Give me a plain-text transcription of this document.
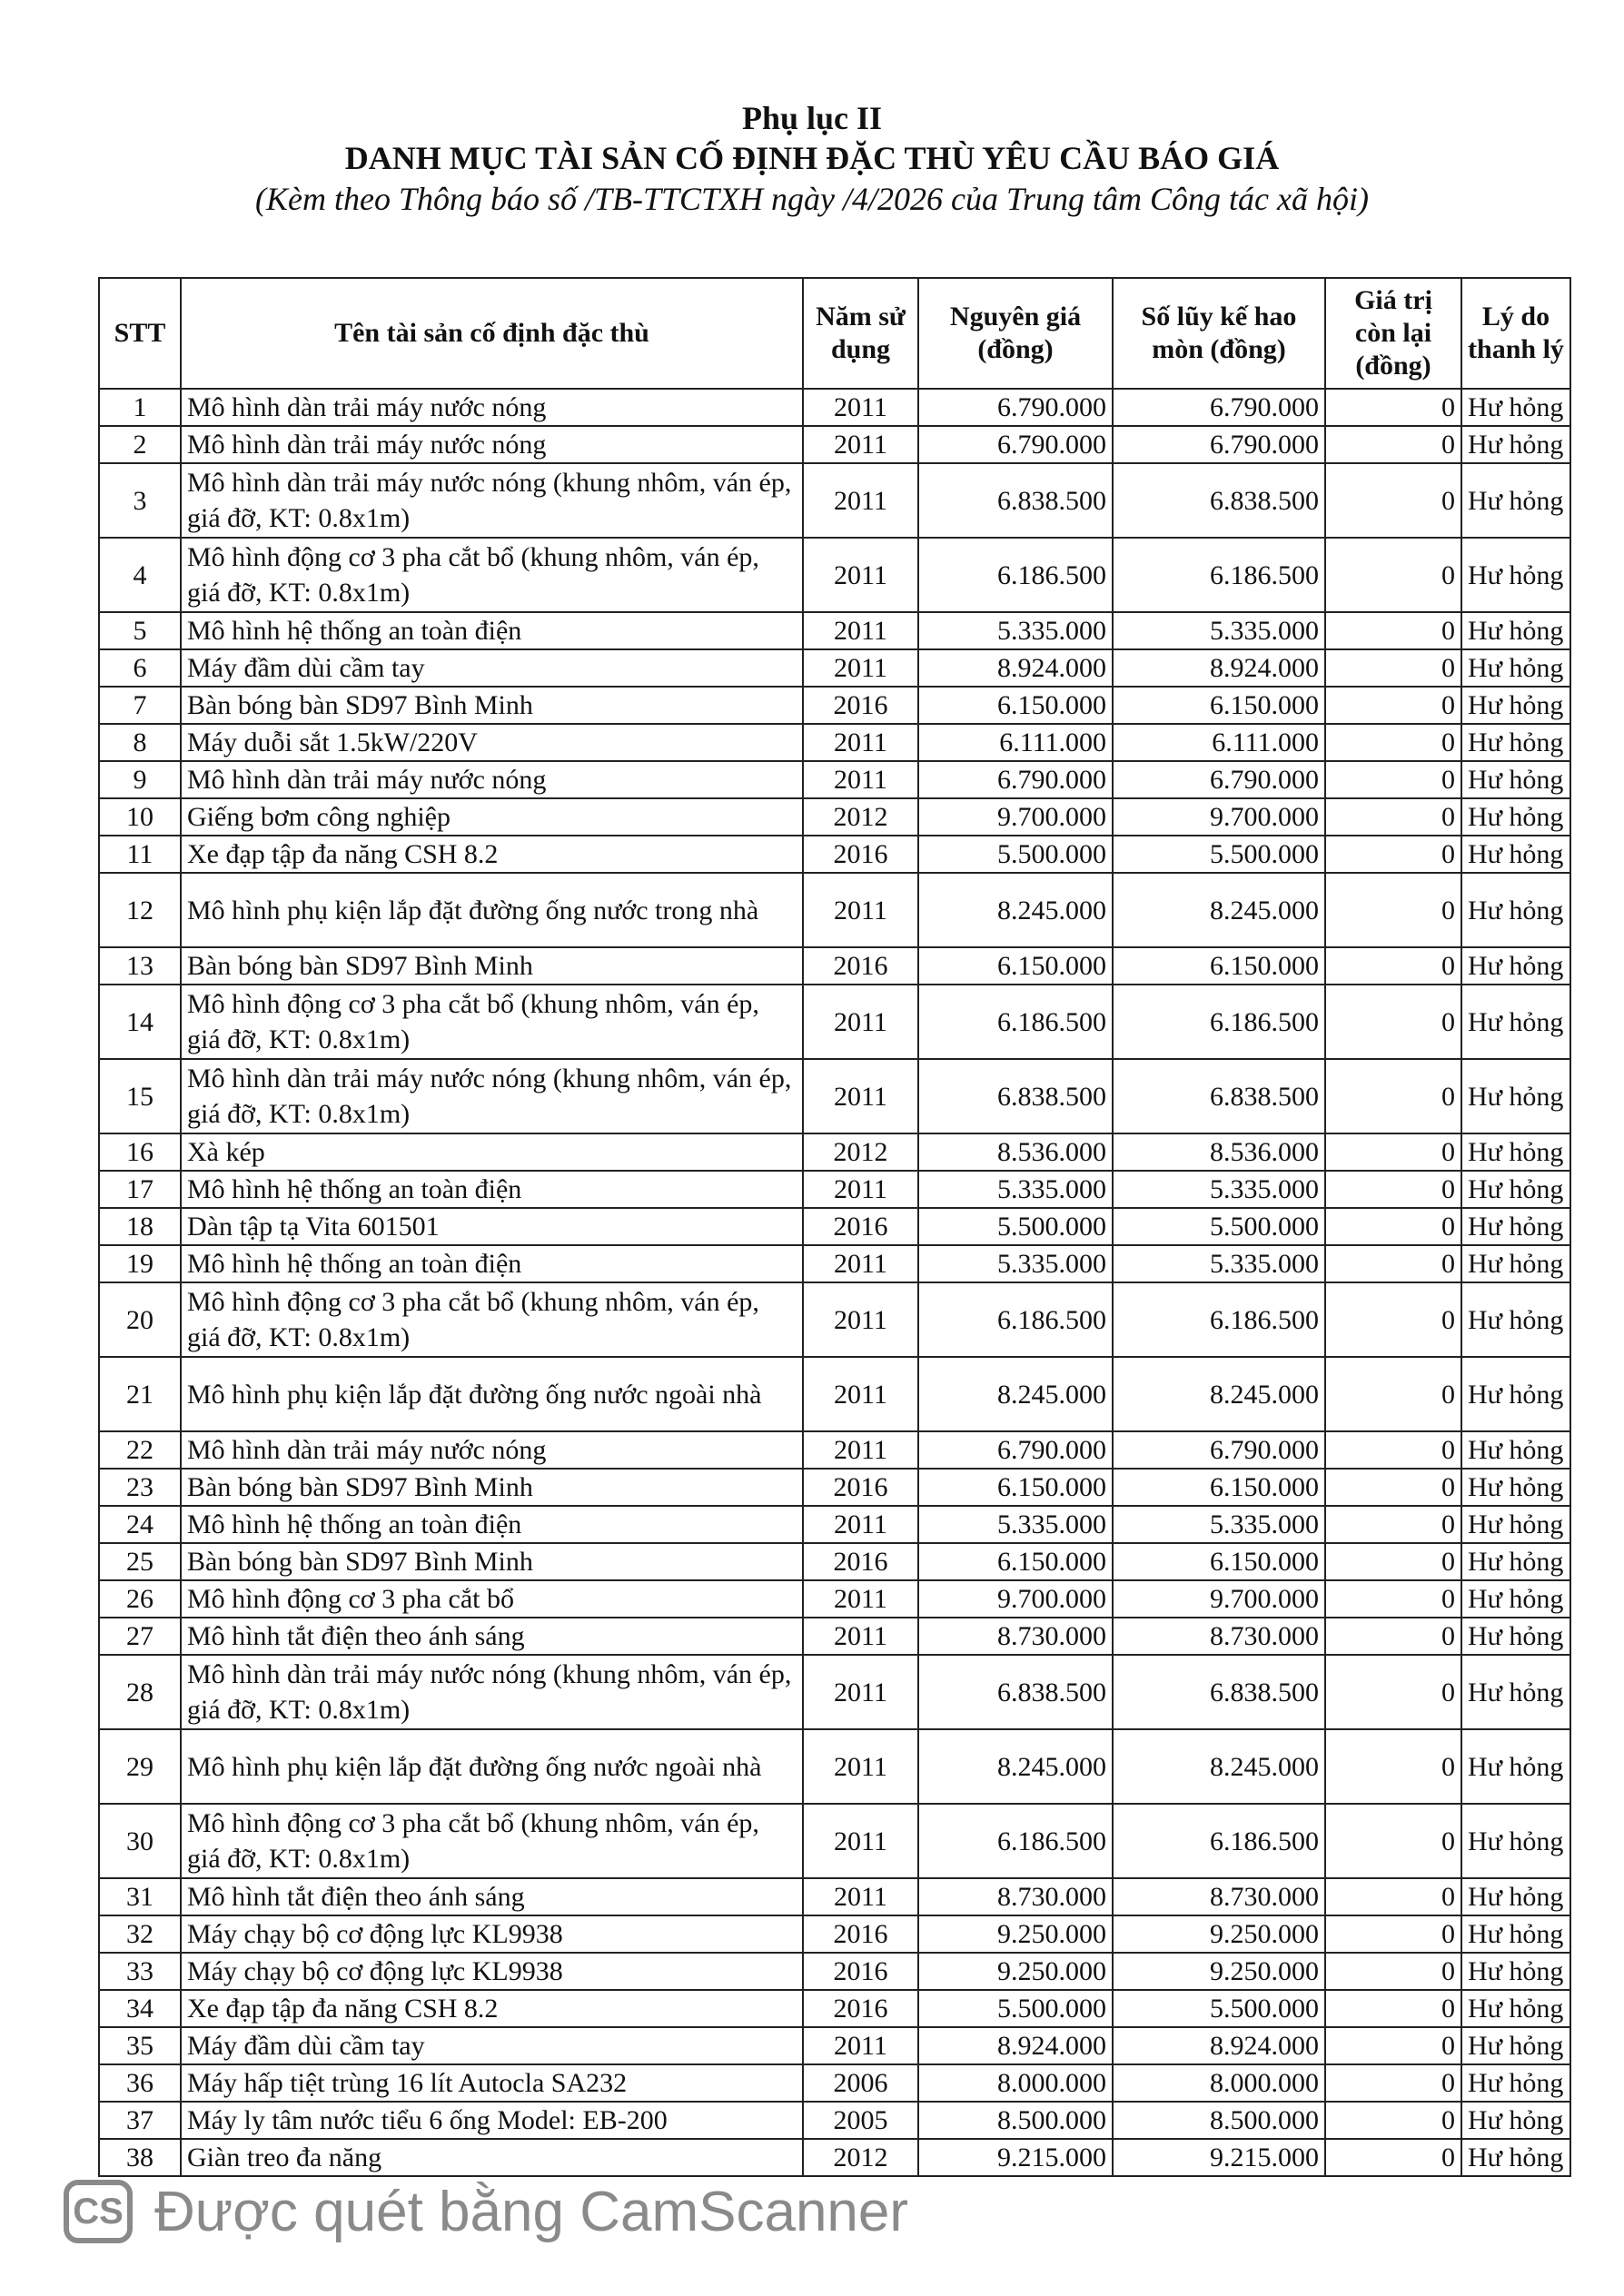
Phụ lục II
DANH MỤC TÀI SẢN CỐ ĐỊNH ĐẶC THÙ YÊU CẦU BÁO GIÁ
(Kèm theo Thông báo số /TB-TTCTXH ngày /4/2026 của Trung tâm Công tác xã hội)
STT	Tên tài sản cố định đặc thù	Năm sử dụng	Nguyên giá (đồng)	Số lũy kế hao mòn (đồng)	Giá trị còn lại (đồng)	Lý do thanh lý
1	Mô hình dàn trải máy nước nóng	2011	6.790.000	6.790.000	0	Hư hỏng
2	Mô hình dàn trải máy nước nóng	2011	6.790.000	6.790.000	0	Hư hỏng
3	Mô hình dàn trải máy nước nóng (khung nhôm, ván ép, giá đỡ, KT: 0.8x1m)	2011	6.838.500	6.838.500	0	Hư hỏng
4	Mô hình động cơ 3 pha cắt bổ (khung nhôm, ván ép, giá đỡ, KT: 0.8x1m)	2011	6.186.500	6.186.500	0	Hư hỏng
5	Mô hình hệ thống an toàn điện	2011	5.335.000	5.335.000	0	Hư hỏng
6	Máy đầm dùi cầm tay	2011	8.924.000	8.924.000	0	Hư hỏng
7	Bàn bóng bàn SD97 Bình Minh	2016	6.150.000	6.150.000	0	Hư hỏng
8	Máy duỗi sắt 1.5kW/220V	2011	6.111.000	6.111.000	0	Hư hỏng
9	Mô hình dàn trải máy nước nóng	2011	6.790.000	6.790.000	0	Hư hỏng
10	Giếng bơm công nghiệp	2012	9.700.000	9.700.000	0	Hư hỏng
11	Xe đạp tập đa năng CSH 8.2	2016	5.500.000	5.500.000	0	Hư hỏng
12	Mô hình phụ kiện lắp đặt đường ống nước trong nhà	2011	8.245.000	8.245.000	0	Hư hỏng
13	Bàn bóng bàn SD97 Bình Minh	2016	6.150.000	6.150.000	0	Hư hỏng
14	Mô hình động cơ 3 pha cắt bổ (khung nhôm, ván ép, giá đỡ, KT: 0.8x1m)	2011	6.186.500	6.186.500	0	Hư hỏng
15	Mô hình dàn trải máy nước nóng (khung nhôm, ván ép, giá đỡ, KT: 0.8x1m)	2011	6.838.500	6.838.500	0	Hư hỏng
16	Xà kép	2012	8.536.000	8.536.000	0	Hư hỏng
17	Mô hình hệ thống an toàn điện	2011	5.335.000	5.335.000	0	Hư hỏng
18	Dàn tập tạ Vita 601501	2016	5.500.000	5.500.000	0	Hư hỏng
19	Mô hình hệ thống an toàn điện	2011	5.335.000	5.335.000	0	Hư hỏng
20	Mô hình động cơ 3 pha cắt bổ (khung nhôm, ván ép, giá đỡ, KT: 0.8x1m)	2011	6.186.500	6.186.500	0	Hư hỏng
21	Mô hình phụ kiện lắp đặt đường ống nước ngoài nhà	2011	8.245.000	8.245.000	0	Hư hỏng
22	Mô hình dàn trải máy nước nóng	2011	6.790.000	6.790.000	0	Hư hỏng
23	Bàn bóng bàn SD97 Bình Minh	2016	6.150.000	6.150.000	0	Hư hỏng
24	Mô hình hệ thống an toàn điện	2011	5.335.000	5.335.000	0	Hư hỏng
25	Bàn bóng bàn SD97 Bình Minh	2016	6.150.000	6.150.000	0	Hư hỏng
26	Mô hình động cơ 3 pha cắt bổ	2011	9.700.000	9.700.000	0	Hư hỏng
27	Mô hình tắt điện theo ánh sáng	2011	8.730.000	8.730.000	0	Hư hỏng
28	Mô hình dàn trải máy nước nóng (khung nhôm, ván ép, giá đỡ, KT: 0.8x1m)	2011	6.838.500	6.838.500	0	Hư hỏng
29	Mô hình phụ kiện lắp đặt đường ống nước ngoài nhà	2011	8.245.000	8.245.000	0	Hư hỏng
30	Mô hình động cơ 3 pha cắt bổ (khung nhôm, ván ép, giá đỡ, KT: 0.8x1m)	2011	6.186.500	6.186.500	0	Hư hỏng
31	Mô hình tắt điện theo ánh sáng	2011	8.730.000	8.730.000	0	Hư hỏng
32	Máy chạy bộ cơ động lực KL9938	2016	9.250.000	9.250.000	0	Hư hỏng
33	Máy chạy bộ cơ động lực KL9938	2016	9.250.000	9.250.000	0	Hư hỏng
34	Xe đạp tập đa năng CSH 8.2	2016	5.500.000	5.500.000	0	Hư hỏng
35	Máy đầm dùi cầm tay	2011	8.924.000	8.924.000	0	Hư hỏng
36	Máy hấp tiệt trùng 16 lít Autocla SA232	2006	8.000.000	8.000.000	0	Hư hỏng
37	Máy ly tâm nước tiểu 6 ống Model: EB-200	2005	8.500.000	8.500.000	0	Hư hỏng
38	Giàn treo đa năng	2012	9.215.000	9.215.000	0	Hư hỏng
CS Được quét bằng CamScanner
